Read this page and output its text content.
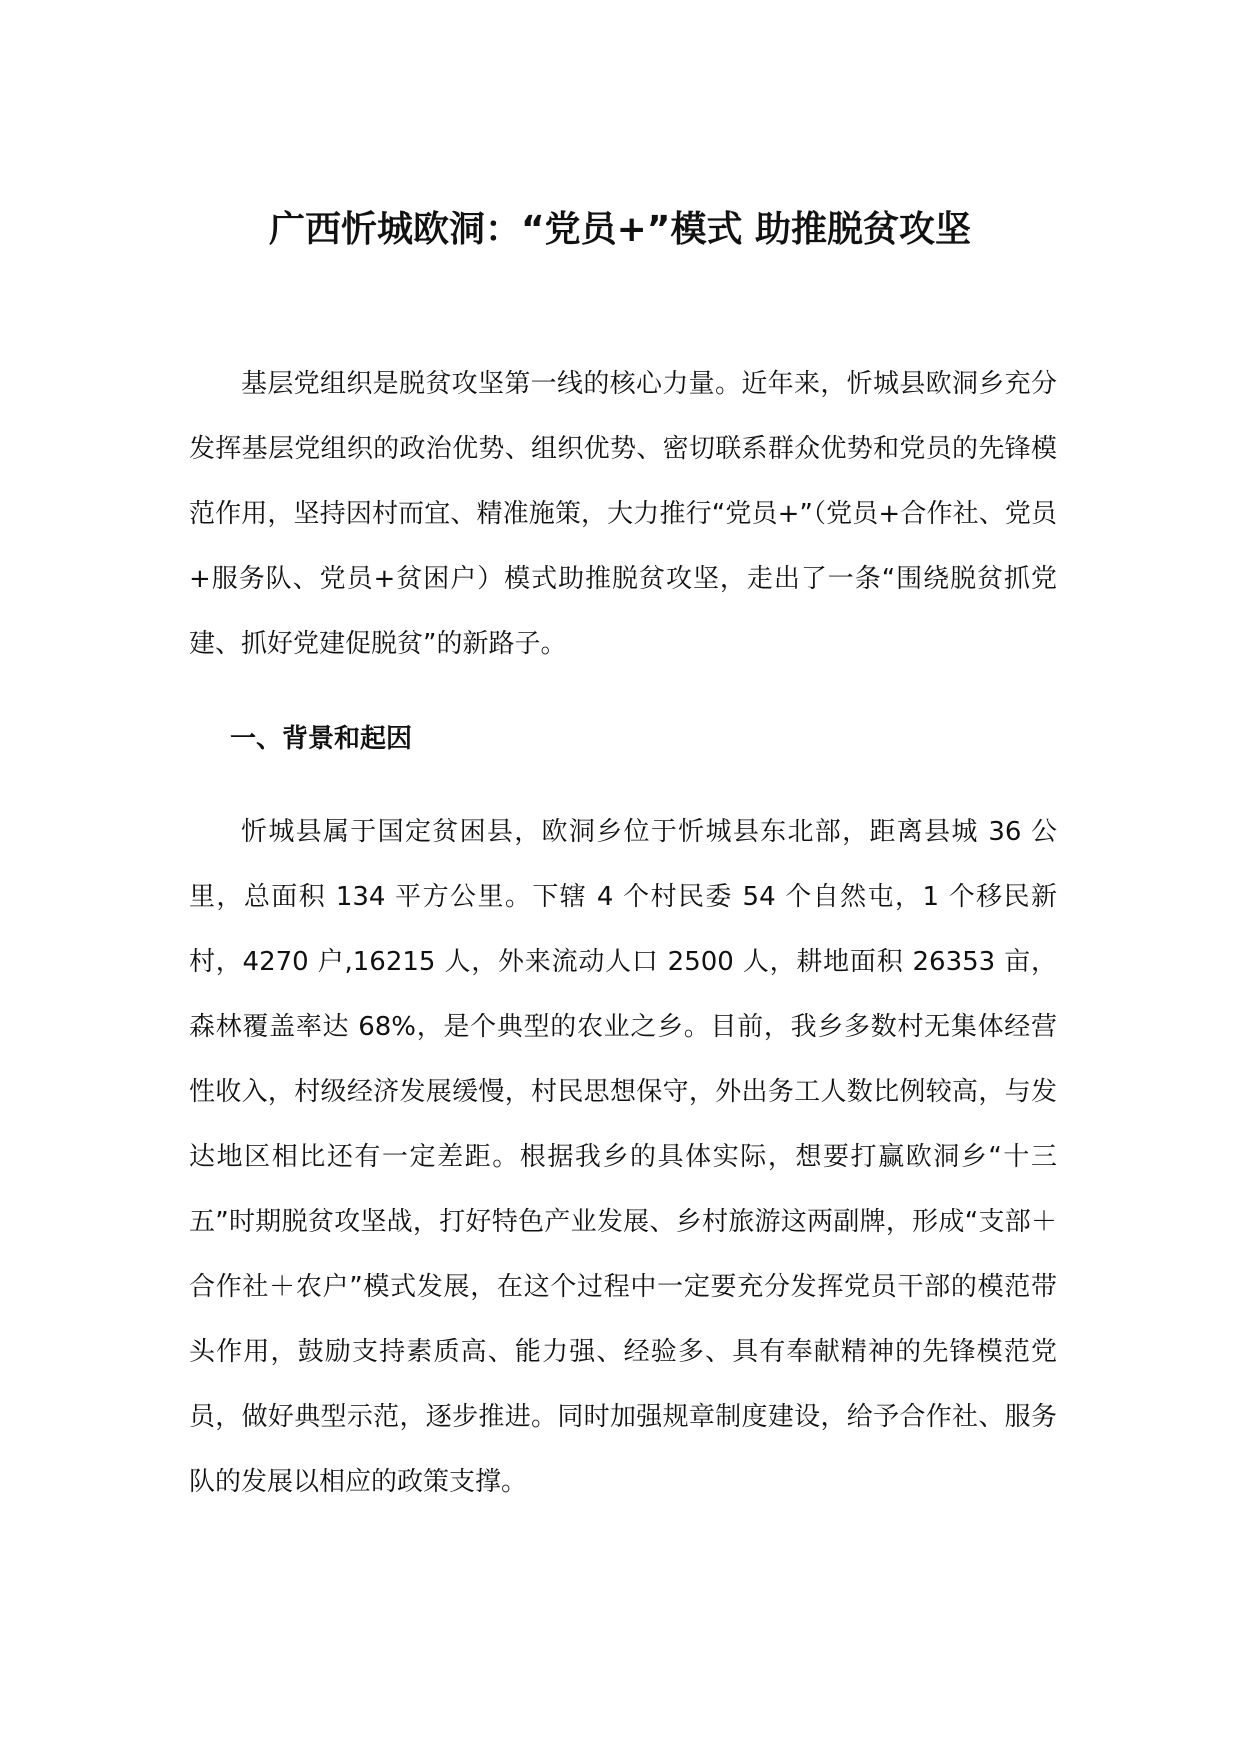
广西忻城欧洞：“党员+”模式 助推脱贫攻坚

基层党组织是脱贫攻坚第一线的核心力量。近年来，忻城县欧洞乡充分发挥基层党组织的政治优势、组织优势、密切联系群众优势和党员的先锋模范作用，坚持因村而宜、精准施策，大力推行“党员+”（党员+合作社、党员+服务队、党员+贫困户）模式助推脱贫攻坚，走出了一条“围绕脱贫抓党建、抓好党建促脱贫”的新路子。

一、背景和起因

忻城县属于国定贫困县，欧洞乡位于忻城县东北部，距离县城 36 公里，总面积 134 平方公里。下辖 4 个村民委 54 个自然屯，1 个移民新村，4270 户,16215 人，外来流动人口 2500 人，耕地面积 26353 亩，森林覆盖率达 68%，是个典型的农业之乡。目前，我乡多数村无集体经营性收入，村级经济发展缓慢，村民思想保守，外出务工人数比例较高，与发达地区相比还有一定差距。根据我乡的具体实际，想要打赢欧洞乡“十三五”时期脱贫攻坚战，打好特色产业发展、乡村旅游这两副牌，形成“支部＋合作社＋农户”模式发展，在这个过程中一定要充分发挥党员干部的模范带头作用，鼓励支持素质高、能力强、经验多、具有奉献精神的先锋模范党员，做好典型示范，逐步推进。同时加强规章制度建设，给予合作社、服务队的发展以相应的政策支撑。
